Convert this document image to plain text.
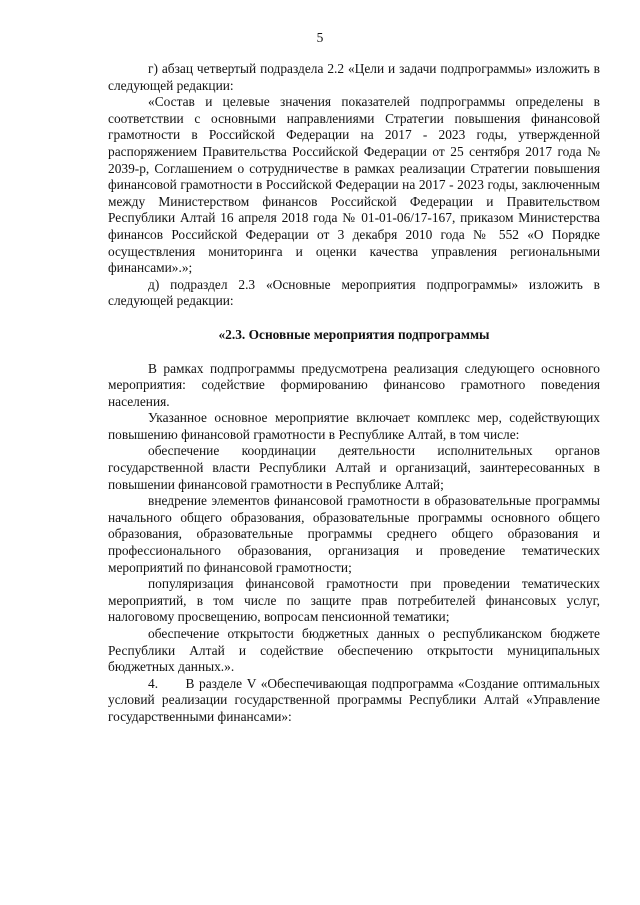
5

г) абзац четвертый подраздела 2.2 «Цели и задачи подпрограммы» изложить в следующей редакции:

«Состав и целевые значения показателей подпрограммы определены в соответствии с основными направлениями Стратегии повышения финансовой грамотности в Российской Федерации на 2017 - 2023 годы, утвержденной распоряжением Правительства Российской Федерации от 25 сентября 2017 года № 2039-р, Соглашением о сотрудничестве в рамках реализации Стратегии повышения финансовой грамотности в Российской Федерации на 2017 - 2023 годы, заключенным между Министерством финансов Российской Федерации и Правительством Республики Алтай 16 апреля 2018 года № 01-01-06/17-167, приказом Министерства финансов Российской Федерации от 3 декабря 2010 года № 552 «О Порядке осуществления мониторинга и оценки качества управления региональными финансами».»;

д) подраздел 2.3 «Основные мероприятия подпрограммы» изложить в следующей редакции:

«2.3. Основные мероприятия подпрограммы

В рамках подпрограммы предусмотрена реализация следующего основного мероприятия: содействие формированию финансово грамотного поведения населения.

Указанное основное мероприятие включает комплекс мер, содействующих повышению финансовой грамотности в Республике Алтай, в том числе:

обеспечение координации деятельности исполнительных органов государственной власти Республики Алтай и организаций, заинтересованных в повышении финансовой грамотности в Республике Алтай;

внедрение элементов финансовой грамотности в образовательные программы начального общего образования, образовательные программы основного общего образования, образовательные программы среднего общего образования и профессионального образования, организация и проведение тематических мероприятий по финансовой грамотности;

популяризация финансовой грамотности при проведении тематических мероприятий, в том числе по защите прав потребителей финансовых услуг, налоговому просвещению, вопросам пенсионной тематики;

обеспечение открытости бюджетных данных о республиканском бюджете Республики Алтай и содействие обеспечению открытости муниципальных бюджетных данных.».

4.      В разделе V «Обеспечивающая подпрограмма «Создание оптимальных условий реализации государственной программы Республики Алтай «Управление государственными финансами»:
